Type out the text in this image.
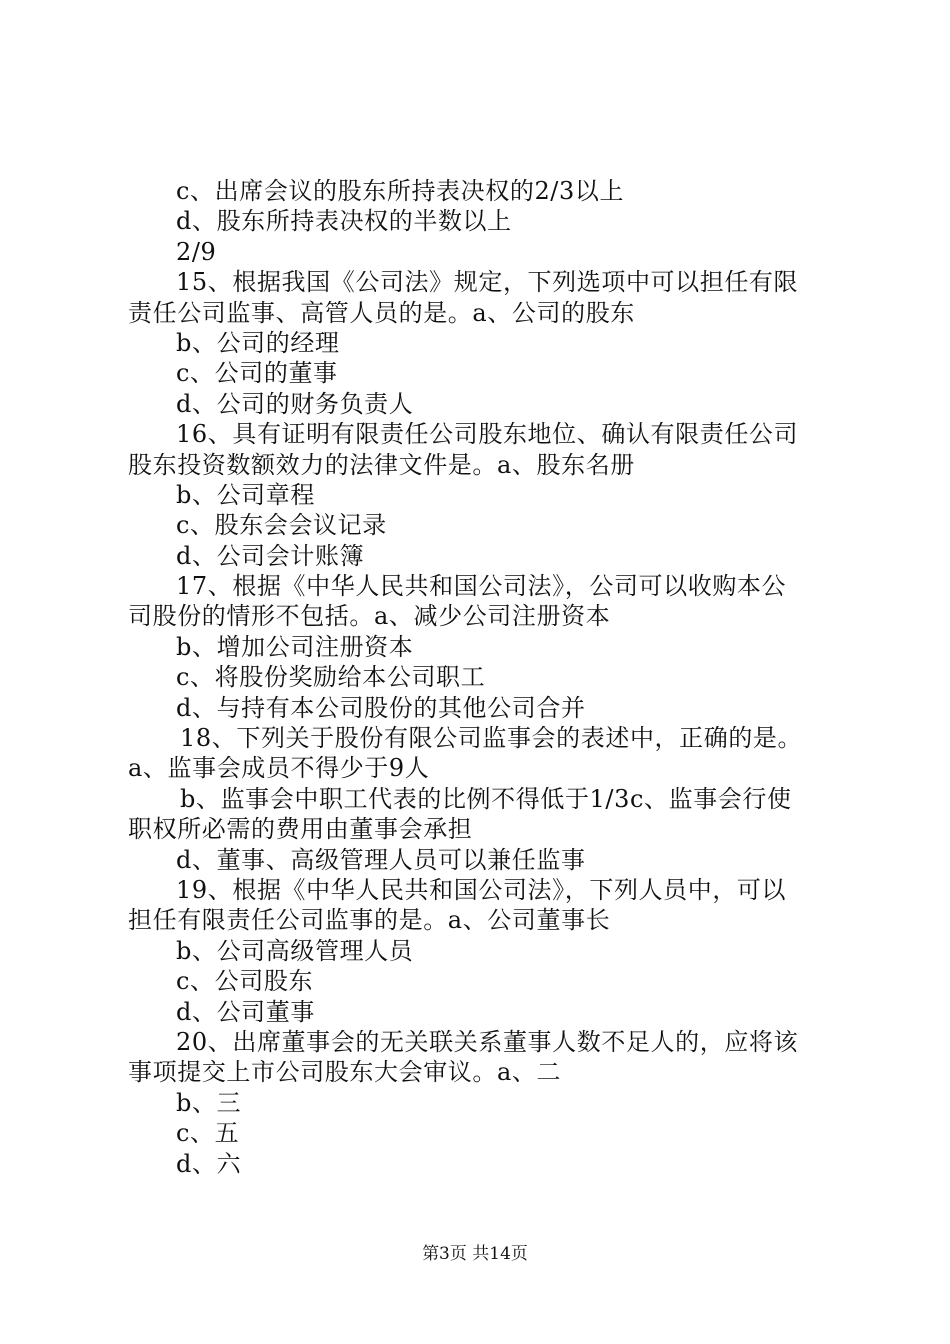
c、出席会议的股东所持表决权的2/3以上
d、股东所持表决权的半数以上
2/9
15、根据我国《公司法》规定，下列选项中可以担任有限
责任公司监事、高管人员的是。a、公司的股东
b、公司的经理
c、公司的董事
d、公司的财务负责人
16、具有证明有限责任公司股东地位、确认有限责任公司
股东投资数额效力的法律文件是。a、股东名册
b、公司章程
c、股东会会议记录
d、公司会计账簿
17、根据《中华人民共和国公司法》，公司可以收购本公
司股份的情形不包括。a、减少公司注册资本
b、增加公司注册资本
c、将股份奖励给本公司职工
d、与持有本公司股份的其他公司合并
18、下列关于股份有限公司监事会的表述中，正确的是。
a、监事会成员不得少于9人
b、监事会中职工代表的比例不得低于1/3c、监事会行使
职权所必需的费用由董事会承担
d、董事、高级管理人员可以兼任监事
19、根据《中华人民共和国公司法》，下列人员中，可以
担任有限责任公司监事的是。a、公司董事长
b、公司高级管理人员
c、公司股东
d、公司董事
20、出席董事会的无关联关系董事人数不足人的，应将该
事项提交上市公司股东大会审议。a、二
b、三
c、五
d、六
第3页 共14页
